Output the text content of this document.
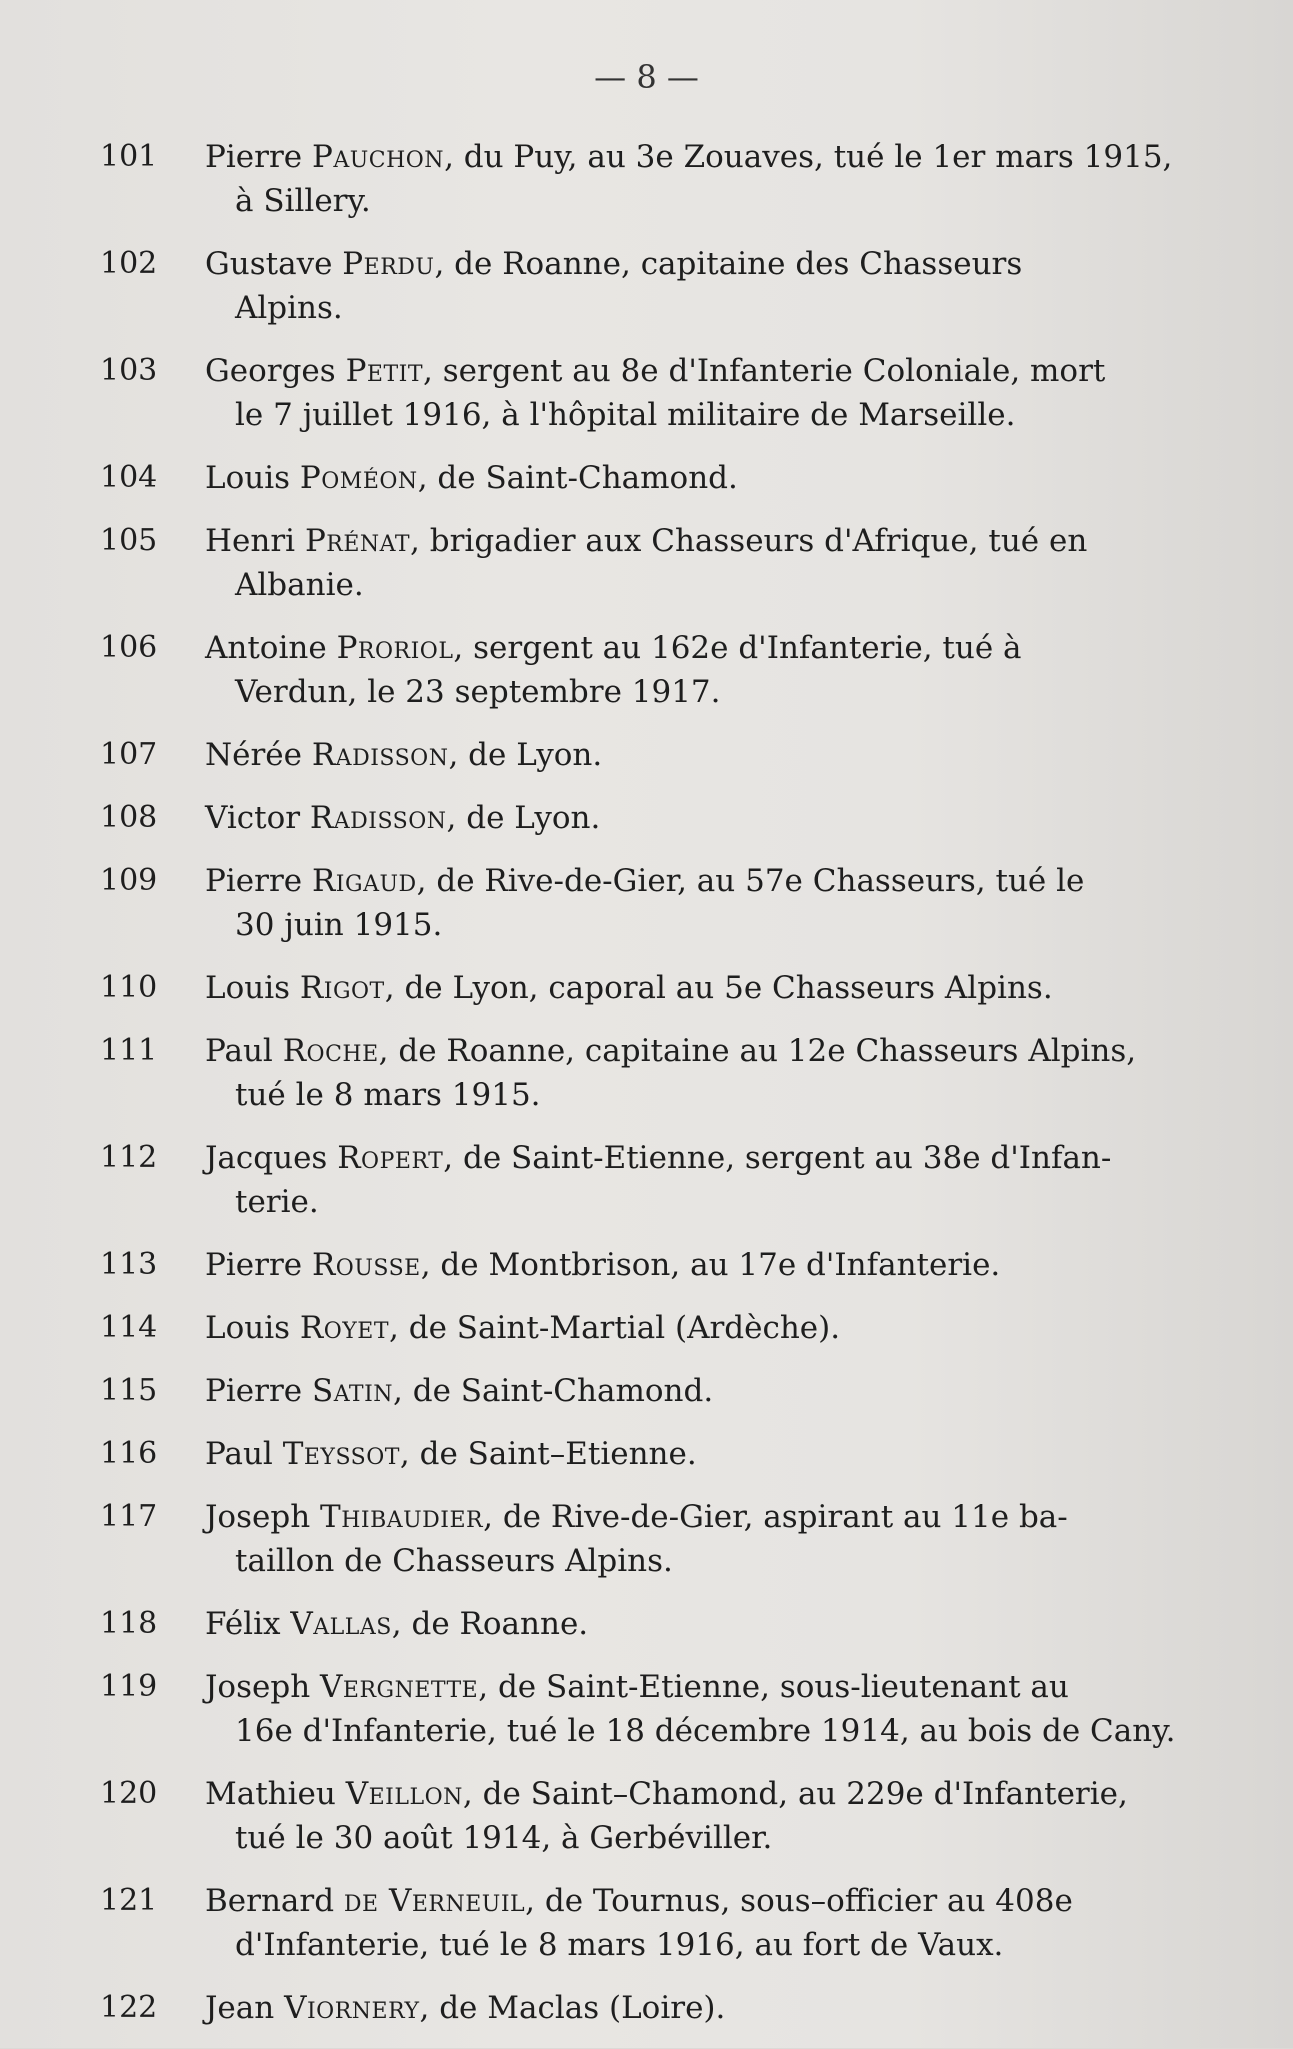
— 8 —
101	Pierre Pauchon, du Puy, au 3e Zouaves, tué le 1er mars 1915,
à Sillery.
102	Gustave Perdu, de Roanne, capitaine des Chasseurs
Alpins.
103	Georges Petit, sergent au 8e d'Infanterie Coloniale, mort
le 7 juillet 1916, à l'hôpital militaire de Marseille.
104	Louis Poméon, de Saint-Chamond.
105	Henri Prénat, brigadier aux Chasseurs d'Afrique, tué en
Albanie.
106	Antoine Proriol, sergent au 162e d'Infanterie, tué à
Verdun, le 23 septembre 1917.
107	Nérée Radisson, de Lyon.
108	Victor Radisson, de Lyon.
109	Pierre Rigaud, de Rive-de-Gier, au 57e Chasseurs, tué le
30 juin 1915.
110	Louis Rigot, de Lyon, caporal au 5e Chasseurs Alpins.
111	Paul Roche, de Roanne, capitaine au 12e Chasseurs Alpins,
tué le 8 mars 1915.
112	Jacques Ropert, de Saint-Etienne, sergent au 38e d'Infan-
terie.
113	Pierre Rousse, de Montbrison, au 17e d'Infanterie.
114	Louis Royet, de Saint-Martial (Ardèche).
115	Pierre Satin, de Saint-Chamond.
116	Paul Teyssot, de Saint–Etienne.
117	Joseph Thibaudier, de Rive-de-Gier, aspirant au 11e ba-
taillon de Chasseurs Alpins.
118	Félix Vallas, de Roanne.
119	Joseph Vergnette, de Saint-Etienne, sous-lieutenant au
16e d'Infanterie, tué le 18 décembre 1914, au bois de Cany.
120	Mathieu Veillon, de Saint–Chamond, au 229e d'Infanterie,
tué le 30 août 1914, à Gerbéviller.
121	Bernard de Verneuil, de Tournus, sous–officier au 408e
d'Infanterie, tué le 8 mars 1916, au fort de Vaux.
122	Jean Viornery, de Maclas (Loire).
